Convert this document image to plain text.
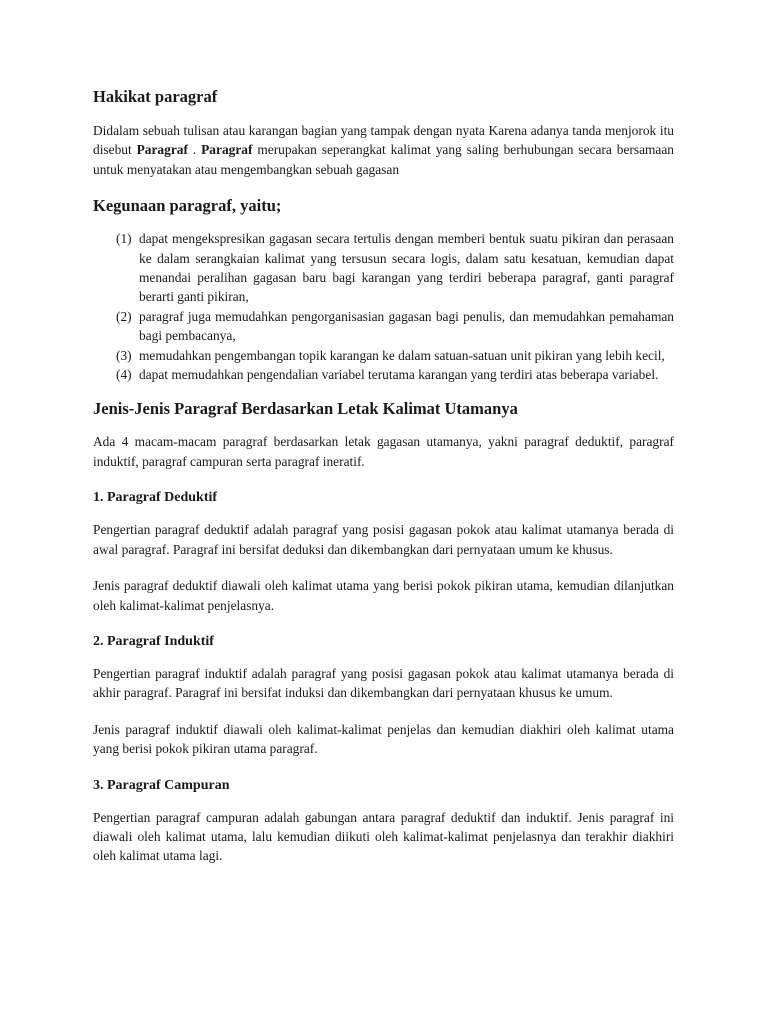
Hakikat paragraf

Didalam sebuah tulisan atau karangan bagian yang tampak dengan nyata Karena adanya tanda menjorok itu disebut Paragraf . Paragraf merupakan seperangkat kalimat yang saling berhubungan secara bersamaan untuk menyatakan atau mengembangkan sebuah gagasan

Kegunaan paragraf, yaitu;
(1) dapat mengekspresikan gagasan secara tertulis dengan memberi bentuk suatu pikiran dan perasaan ke dalam serangkaian kalimat yang tersusun secara logis, dalam satu kesatuan, kemudian dapat menandai peralihan gagasan baru bagi karangan yang terdiri beberapa paragraf, ganti paragraf berarti ganti pikiran,
(2) paragraf juga memudahkan pengorganisasian gagasan bagi penulis, dan memudahkan pemahaman bagi pembacanya,
(3) memudahkan pengembangan topik karangan ke dalam satuan-satuan unit pikiran yang lebih kecil,
(4) dapat memudahkan pengendalian variabel terutama karangan yang terdiri atas beberapa variabel.
Jenis-Jenis Paragraf Berdasarkan Letak Kalimat Utamanya

Ada 4 macam-macam paragraf berdasarkan letak gagasan utamanya, yakni paragraf deduktif, paragraf induktif, paragraf campuran serta paragraf ineratif.

1. Paragraf Deduktif

Pengertian paragraf deduktif adalah paragraf yang posisi gagasan pokok atau kalimat utamanya berada di awal paragraf. Paragraf ini bersifat deduksi dan dikembangkan dari pernyataan umum ke khusus.

Jenis paragraf deduktif diawali oleh kalimat utama yang berisi pokok pikiran utama, kemudian dilanjutkan oleh kalimat-kalimat penjelasnya.

2. Paragraf Induktif

Pengertian paragraf induktif adalah paragraf yang posisi gagasan pokok atau kalimat utamanya berada di akhir paragraf. Paragraf ini bersifat induksi dan dikembangkan dari pernyataan khusus ke umum.

Jenis paragraf induktif diawali oleh kalimat-kalimat penjelas dan kemudian diakhiri oleh kalimat utama yang berisi pokok pikiran utama paragraf.

3. Paragraf Campuran

Pengertian paragraf campuran adalah gabungan antara paragraf deduktif dan induktif. Jenis paragraf ini diawali oleh kalimat utama, lalu kemudian diikuti oleh kalimat-kalimat penjelasnya dan terakhir diakhiri oleh kalimat utama lagi.
